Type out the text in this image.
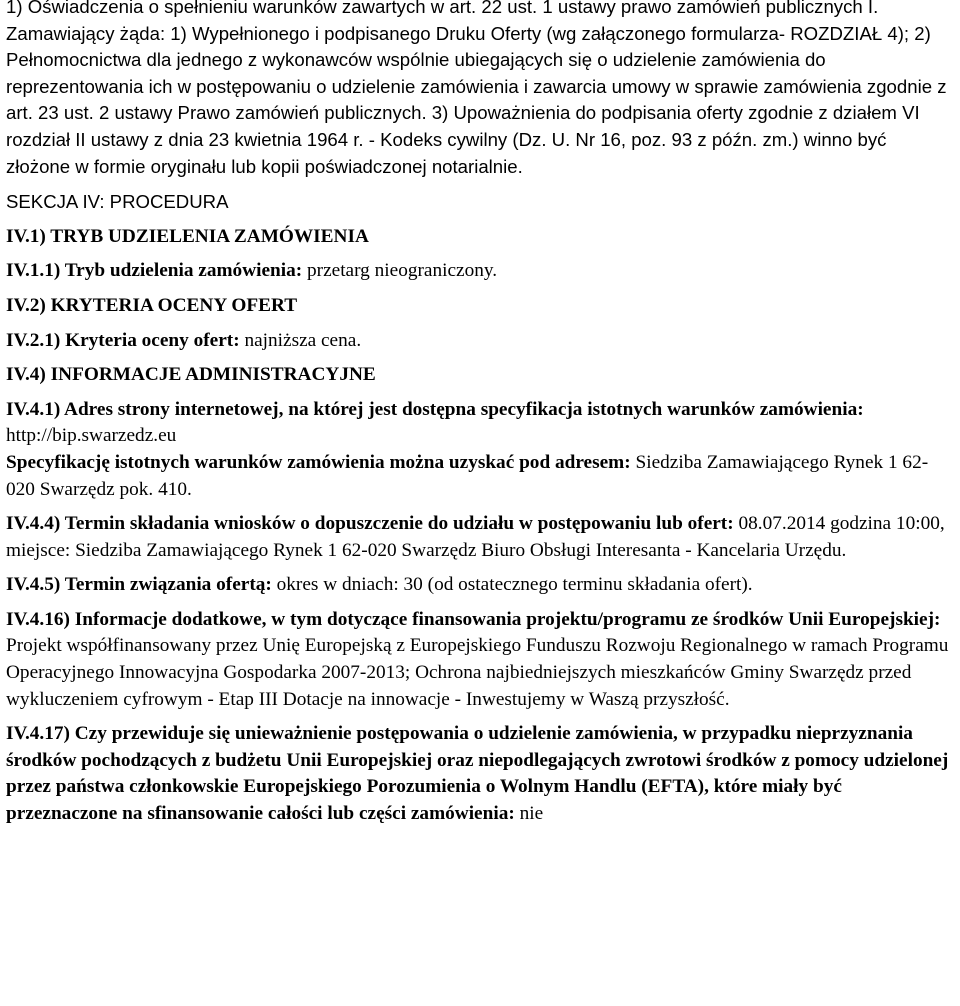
1) Oświadczenia o spełnieniu warunków zawartych w art. 22 ust. 1 ustawy prawo zamówień publicznych I. Zamawiający żąda: 1) Wypełnionego i podpisanego Druku Oferty (wg załączonego formularza- ROZDZIAŁ 4); 2) Pełnomocnictwa dla jednego z wykonawców wspólnie ubiegających się o udzielenie zamówienia do reprezentowania ich w postępowaniu o udzielenie zamówienia i zawarcia umowy w sprawie zamówienia zgodnie z art. 23 ust. 2 ustawy Prawo zamówień publicznych. 3) Upoważnienia do podpisania oferty zgodnie z działem VI rozdział II ustawy z dnia 23 kwietnia 1964 r. - Kodeks cywilny (Dz. U. Nr 16, poz. 93 z późn. zm.) winno być złożone w formie oryginału lub kopii poświadczonej notarialnie.

SEKCJA IV: PROCEDURA

IV.1) TRYB UDZIELENIA ZAMÓWIENIA

IV.1.1) Tryb udzielenia zamówienia: przetarg nieograniczony.

IV.2) KRYTERIA OCENY OFERT

IV.2.1) Kryteria oceny ofert: najniższa cena.

IV.4) INFORMACJE ADMINISTRACYJNE

IV.4.1) Adres strony internetowej, na której jest dostępna specyfikacja istotnych warunków zamówienia: http://bip.swarzedz.eu

Specyfikację istotnych warunków zamówienia można uzyskać pod adresem: Siedziba Zamawiającego Rynek 1 62-020 Swarzędz pok. 410.

IV.4.4) Termin składania wniosków o dopuszczenie do udziału w postępowaniu lub ofert: 08.07.2014 godzina 10:00, miejsce: Siedziba Zamawiającego Rynek 1 62-020 Swarzędz Biuro Obsługi Interesanta - Kancelaria Urzędu.

IV.4.5) Termin związania ofertą: okres w dniach: 30 (od ostatecznego terminu składania ofert).

IV.4.16) Informacje dodatkowe, w tym dotyczące finansowania projektu/programu ze środków Unii Europejskiej: Projekt współfinansowany przez Unię Europejską z Europejskiego Funduszu Rozwoju Regionalnego w ramach Programu Operacyjnego Innowacyjna Gospodarka 2007-2013; Ochrona najbiedniejszych mieszkańców Gminy Swarzędz przed wykluczeniem cyfrowym - Etap III Dotacje na innowacje - Inwestujemy w Waszą przyszłość.

IV.4.17) Czy przewiduje się unieważnienie postępowania o udzielenie zamówienia, w przypadku nieprzyznania środków pochodzących z budżetu Unii Europejskiej oraz niepodlegających zwrotowi środków z pomocy udzielonej przez państwa członkowskie Europejskiego Porozumienia o Wolnym Handlu (EFTA), które miały być przeznaczone na sfinansowanie całości lub części zamówienia: nie
